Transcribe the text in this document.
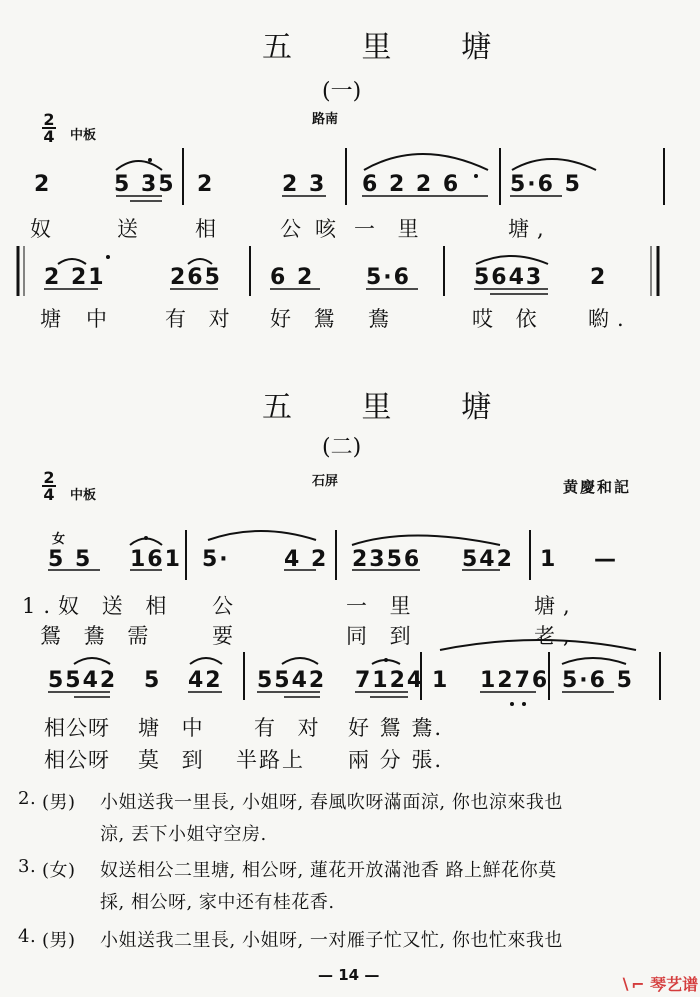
五 里 塘
(一)
路南
2
4 中板
2	5 35 2	2 3 6 2 2 6 5·6 5
奴	送 相	公 咳 一 里	塘,
2 21	265 6 2 5·6	5643 2
塘 中 有 对 好 鴛 鴦	哎 依 喲.
五 里 塘
(二)
石屏	黄慶和記
2
4 中板
女
5 5 161 5· 4 2 2356 542 1 —
1.奴 送 相 公	一 里	塘,
鴛 鴦 需	要	同 到	老,
5542 5 42 5542 7124 1 1276 5·6 5
相公呀 塘 中 有 对 好 鴛 鴦.
相公呀 莫 到 半路上 兩 分 張.
2. (男) 小姐送我一里長, 小姐呀, 春風吹呀滿面涼, 你也涼來我也
涼, 丟下小姐守空房.
3. (女) 奴送相公二里塘, 相公呀, 蓮花开放滿池香 路上鮮花你莫
採, 相公呀, 家中还有桂花香.
4. (男) 小姐送我二里長, 小姐呀, 一对雁子忙又忙, 你也忙來我也
— 14 —	∖⌐ 琴艺谱
